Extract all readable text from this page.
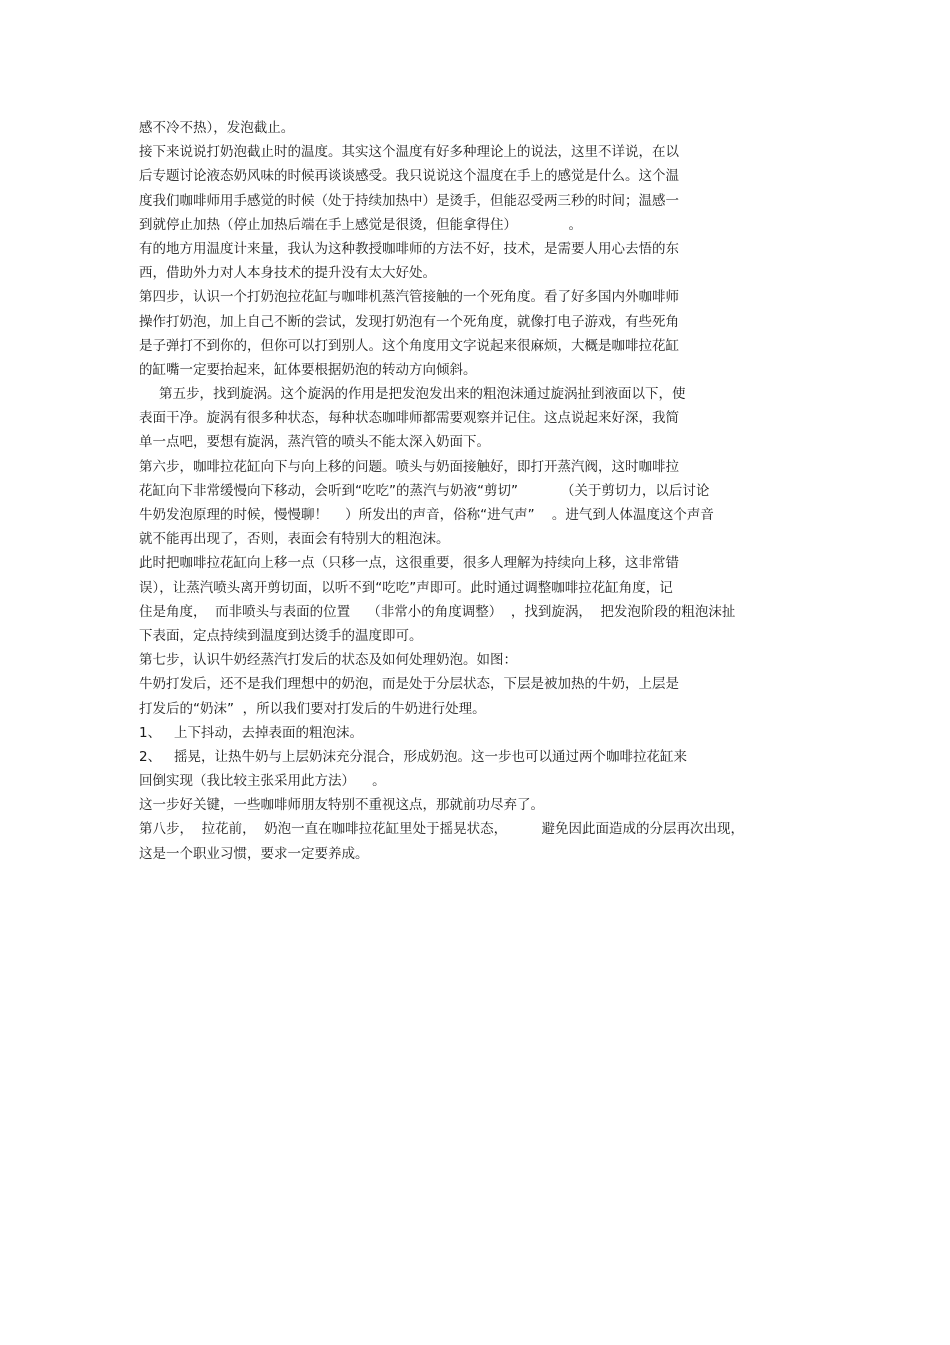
感不冷不热），发泡截止。
接下来说说打奶泡截止时的温度。其实这个温度有好多种理论上的说法，这里不详说，在以
后专题讨论液态奶风味的时候再谈谈感受。我只说说这个温度在手上的感觉是什么。这个温
度我们咖啡师用手感觉的时候（处于持续加热中）是烫手，但能忍受两三秒的时间；温感一
到就停止加热（停止加热后端在手上感觉是很烫，但能拿得住）            。
有的地方用温度计来量，我认为这种教授咖啡师的方法不好，技术，是需要人用心去悟的东
西，借助外力对人本身技术的提升没有太大好处。
第四步，认识一个打奶泡拉花缸与咖啡机蒸汽管接触的一个死角度。看了好多国内外咖啡师
操作打奶泡，加上自己不断的尝试，发现打奶泡有一个死角度，就像打电子游戏，有些死角
是子弹打不到你的，但你可以打到别人。这个角度用文字说起来很麻烦，大概是咖啡拉花缸
的缸嘴一定要抬起来，缸体要根据奶泡的转动方向倾斜。
第五步，找到旋涡。这个旋涡的作用是把发泡发出来的粗泡沫通过旋涡扯到液面以下，使
表面干净。旋涡有很多种状态，每种状态咖啡师都需要观察并记住。这点说起来好深，我简
单一点吧，要想有旋涡，蒸汽管的喷头不能太深入奶面下。
第六步，咖啡拉花缸向下与向上移的问题。喷头与奶面接触好，即打开蒸汽阀，这时咖啡拉
花缸向下非常缓慢向下移动，会听到“吃吃”的蒸汽与奶液“剪切”          （关于剪切力，以后讨论
牛奶发泡原理的时候，慢慢聊！    ）所发出的声音，俗称“进气声”    。进气到人体温度这个声音
就不能再出现了，否则，表面会有特别大的粗泡沫。
此时把咖啡拉花缸向上移一点（只移一点，这很重要，很多人理解为持续向上移，这非常错
误），让蒸汽喷头离开剪切面，以听不到“吃吃”声即可。此时通过调整咖啡拉花缸角度，记
住是角度，  而非喷头与表面的位置    （非常小的角度调整）  ，找到旋涡，  把发泡阶段的粗泡沫扯
下表面，定点持续到温度到达烫手的温度即可。
第七步，认识牛奶经蒸汽打发后的状态及如何处理奶泡。如图：
牛奶打发后，还不是我们理想中的奶泡，而是处于分层状态，下层是被加热的牛奶，上层是
打发后的“奶沫”  ，所以我们要对打发后的牛奶进行处理。
1、   上下抖动，去掉表面的粗泡沫。
2、   摇晃，让热牛奶与上层奶沫充分混合，形成奶泡。这一步也可以通过两个咖啡拉花缸来
回倒实现（我比较主张采用此方法）    。
这一步好关键，一些咖啡师朋友特别不重视这点，那就前功尽弃了。
第八步，  拉花前，  奶泡一直在咖啡拉花缸里处于摇晃状态，        避免因此面造成的分层再次出现，
这是一个职业习惯，要求一定要养成。
